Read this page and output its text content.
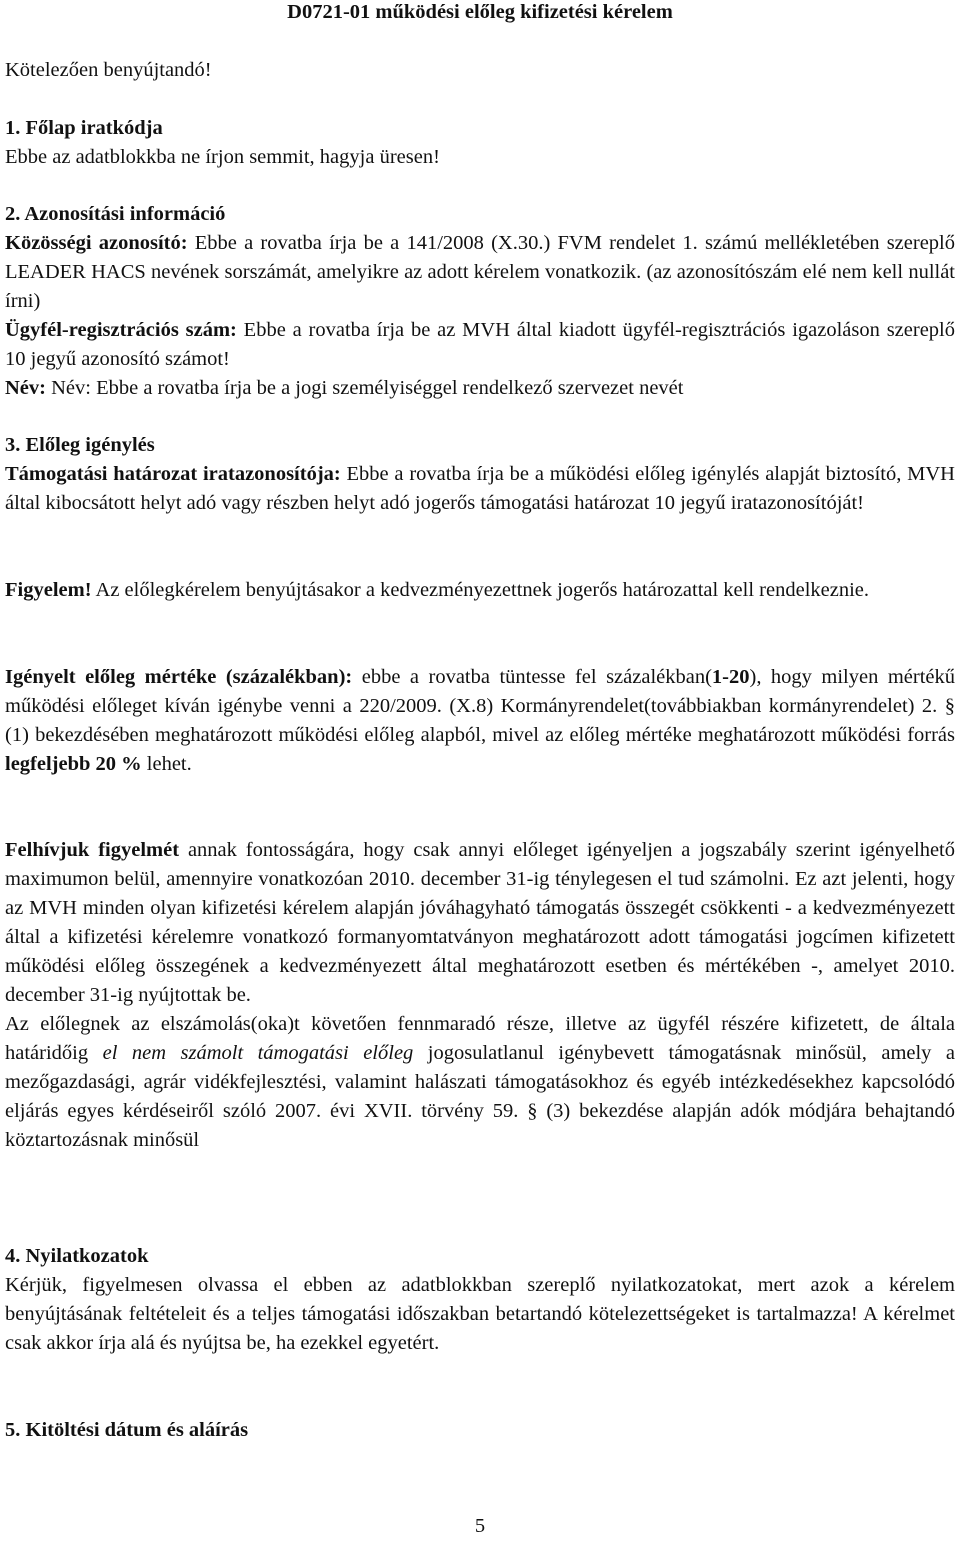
D0721-01 működési előleg kifizetési kérelem

Kötelezően benyújtandó!

1. Főlap iratkódja
Ebbe az adatblokkba ne írjon semmit, hagyja üresen!

2. Azonosítási információ
Közösségi azonosító: Ebbe a rovatba írja be a 141/2008 (X.30.) FVM rendelet 1. számú mellékletében szereplő LEADER HACS nevének sorszámát, amelyikre az adott kérelem vonatkozik. (az azonosítószám elé nem kell nullát írni)
Ügyfél-regisztrációs szám: Ebbe a rovatba írja be az MVH által kiadott ügyfél-regisztrációs igazoláson szereplő 10 jegyű azonosító számot!
Név: Név: Ebbe a rovatba írja be a jogi személyiséggel rendelkező szervezet nevét

3. Előleg igénylés
Támogatási határozat iratazonosítója: Ebbe a rovatba írja be a működési előleg igénylés alapját biztosító, MVH által kibocsátott helyt adó vagy részben helyt adó jogerős támogatási határozat 10 jegyű iratazonosítóját!

Figyelem! Az előlegkérelem benyújtásakor a kedvezményezettnek jogerős határozattal kell rendelkeznie.

Igényelt előleg mértéke (százalékban): ebbe a rovatba tüntesse fel százalékban(1-20), hogy milyen mértékű működési előleget kíván igénybe venni a 220/2009. (X.8) Kormányrendelet(továbbiakban kormányrendelet) 2. § (1) bekezdésében meghatározott működési előleg alapból, mivel az előleg mértéke meghatározott működési forrás legfeljebb 20 % lehet.

Felhívjuk figyelmét annak fontosságára, hogy csak annyi előleget igényeljen a jogszabály szerint igényelhető maximumon belül, amennyire vonatkozóan 2010. december 31-ig ténylegesen el tud számolni. Ez azt jelenti, hogy az MVH minden olyan kifizetési kérelem alapján jóváhagyható támogatás összegét csökkenti - a kedvezményezett által a kifizetési kérelemre vonatkozó formanyomtatványon meghatározott adott támogatási jogcímen kifizetett működési előleg összegének a kedvezményezett által meghatározott esetben és mértékében -, amelyet 2010. december 31-ig nyújtottak be.
Az előlegnek az elszámolás(oka)t követően fennmaradó része, illetve az ügyfél részére kifizetett, de általa határidőig el nem számolt támogatási előleg jogosulatlanul igénybevett támogatásnak minősül, amely a mezőgazdasági, agrár vidékfejlesztési, valamint halászati támogatásokhoz és egyéb intézkedésekhez kapcsolódó eljárás egyes kérdéseiről szóló 2007. évi XVII. törvény 59. § (3) bekezdése alapján adók módjára behajtandó köztartozásnak minősül

4. Nyilatkozatok
Kérjük, figyelmesen olvassa el ebben az adatblokkban szereplő nyilatkozatokat, mert azok a kérelem benyújtásának feltételeit és a teljes támogatási időszakban betartandó kötelezettségeket is tartalmazza! A kérelmet csak akkor írja alá és nyújtsa be, ha ezekkel egyetért.

5. Kitöltési dátum és aláírás

5
